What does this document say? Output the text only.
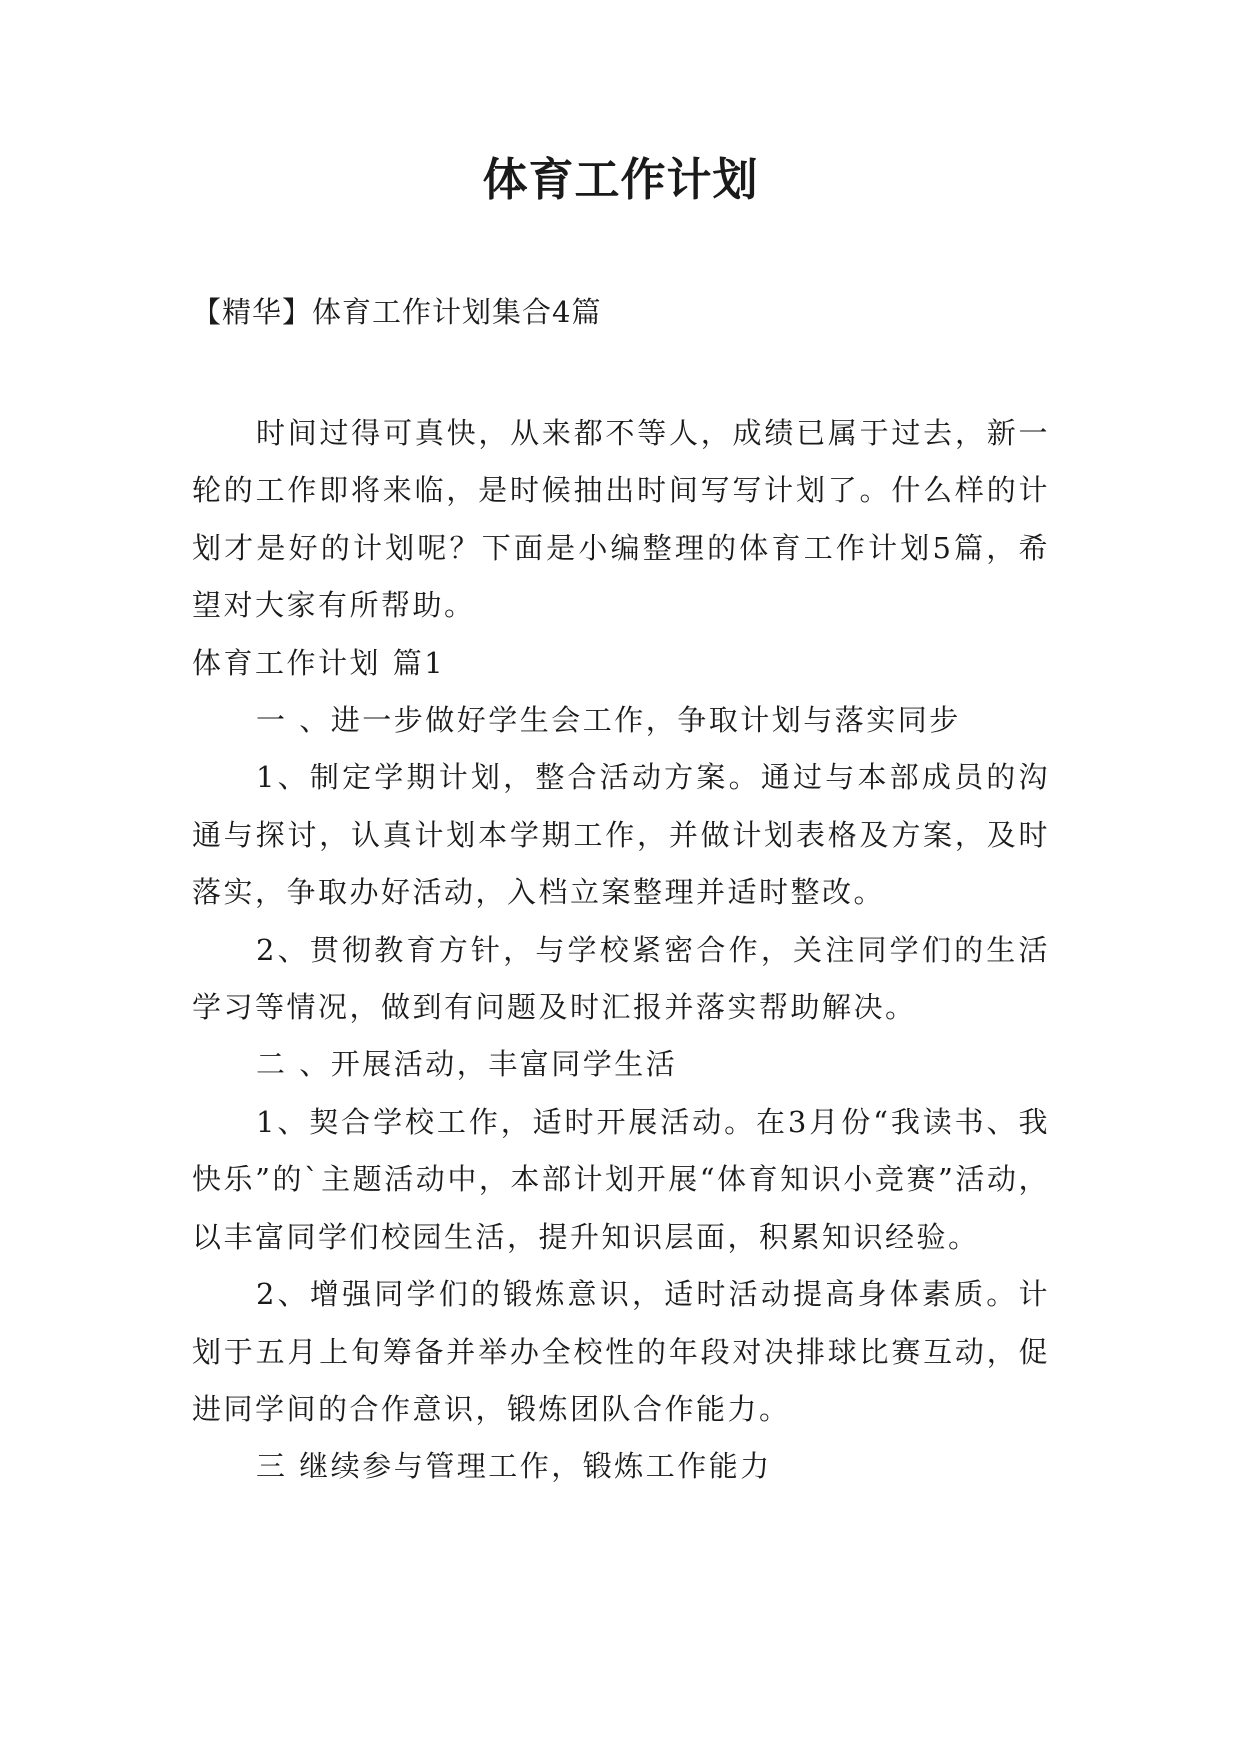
体育工作计划
【精华】体育工作计划集合4篇

时间过得可真快，从来都不等人，成绩已属于过去，新一轮的工作即将来临，是时候抽出时间写写计划了。什么样的计划才是好的计划呢？下面是小编整理的体育工作计划5篇，希望对大家有所帮助。

体育工作计划 篇1

一 、进一步做好学生会工作，争取计划与落实同步

1、制定学期计划，整合活动方案。通过与本部成员的沟通与探讨，认真计划本学期工作，并做计划表格及方案，及时落实，争取办好活动，入档立案整理并适时整改。

2、贯彻教育方针，与学校紧密合作，关注同学们的生活学习等情况，做到有问题及时汇报并落实帮助解决。

二 、开展活动，丰富同学生活

1、契合学校工作，适时开展活动。在3月份“我读书、我快乐”的`主题活动中，本部计划开展“体育知识小竞赛”活动，以丰富同学们校园生活，提升知识层面，积累知识经验。

2、增强同学们的锻炼意识，适时活动提高身体素质。计划于五月上旬筹备并举办全校性的年段对决排球比赛互动，促进同学间的合作意识，锻炼团队合作能力。

三 继续参与管理工作，锻炼工作能力
